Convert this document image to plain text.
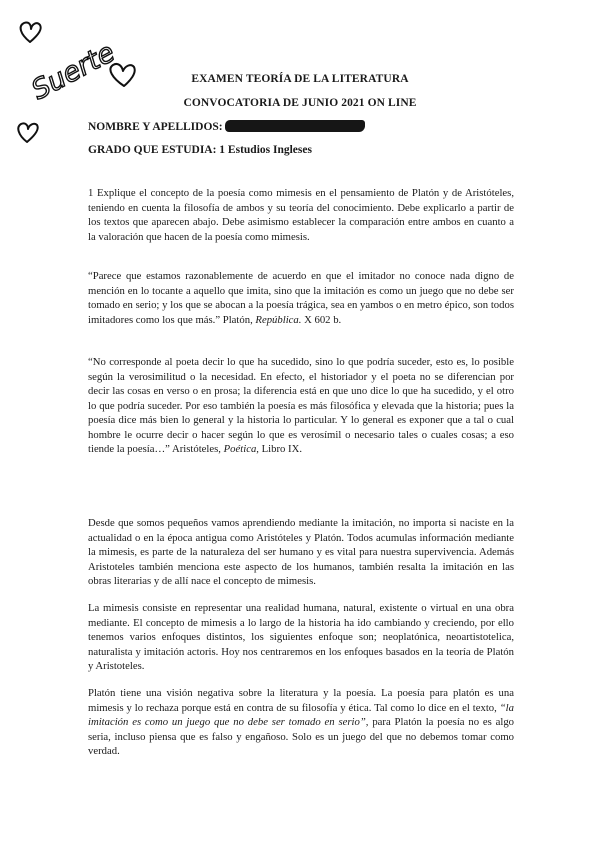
Suerte	EXAMEN TEORÍA DE LA LITERATURA
CONVOCATORIA DE JUNIO 2021 ON LINE
NOMBRE Y APELLIDOS:
GRADO QUE ESTUDIA: 1 Estudios Ingleses

1 Explique el concepto de la poesía como mimesis en el pensamiento de Platón y de Aristóteles, teniendo en cuenta la filosofía de ambos y su teoría del conocimiento. Debe explicarlo a partir de los textos que aparecen abajo. Debe asimismo establecer la comparación entre ambos en cuanto a la valoración que hacen de la poesía como mimesis.

“Parece que estamos razonablemente de acuerdo en que el imitador no conoce nada digno de mención en lo tocante a aquello que imita, sino que la imitación es como un juego que no debe ser tomado en serio; y los que se abocan a la poesía trágica, sea en yambos o en metro épico, son todos imitadores como los que más.” Platón, República. X 602 b.

“No corresponde al poeta decir lo que ha sucedido, sino lo que podría suceder, esto es, lo posible según la verosimilitud o la necesidad. En efecto, el historiador y el poeta no se diferencian por decir las cosas en verso o en prosa; la diferencia está en que uno dice lo que ha sucedido, y el otro lo que podría suceder. Por eso también la poesía es más filosófica y elevada que la historia; pues la poesía dice más bien lo general y la historia lo particular. Y lo general es exponer que a tal o cual hombre le ocurre decir o hacer según lo que es verosímil o necesario tales o cuales cosas; a eso tiende la poesía…” Aristóteles, Poética, Libro IX.

Desde que somos pequeños vamos aprendiendo mediante la imitación, no importa si naciste en la actualidad o en la época antigua como Aristóteles y Platón. Todos acumulas información mediante la mimesis, es parte de la naturaleza del ser humano y es vital para nuestra supervivencia. Además Aristoteles también menciona este aspecto de los humanos, también resalta la imitación en las obras literarias y de allí nace el concepto de mimesis.

La mimesis consiste en representar una realidad humana, natural, existente o virtual en una obra mediante. El concepto de mimesis a lo largo de la historia ha ido cambiando y creciendo, por ello tenemos varios enfoques distintos, los siguientes enfoque son; neoplatónica, neoartistotelica, naturalista y imitación actoris. Hoy nos centraremos en los enfoques basados en la teoría de Platón y Aristoteles.

Platón tiene una visión negativa sobre la literatura y la poesía. La poesía para platón es una mimesis y lo rechaza porque está en contra de su filosofía y ética. Tal como lo dice en el texto, “la imitación es como un juego que no debe ser tomado en serio”, para Platón la poesía no es algo seria, incluso piensa que es falso y engañoso. Solo es un juego del que no debemos tomar como verdad.
